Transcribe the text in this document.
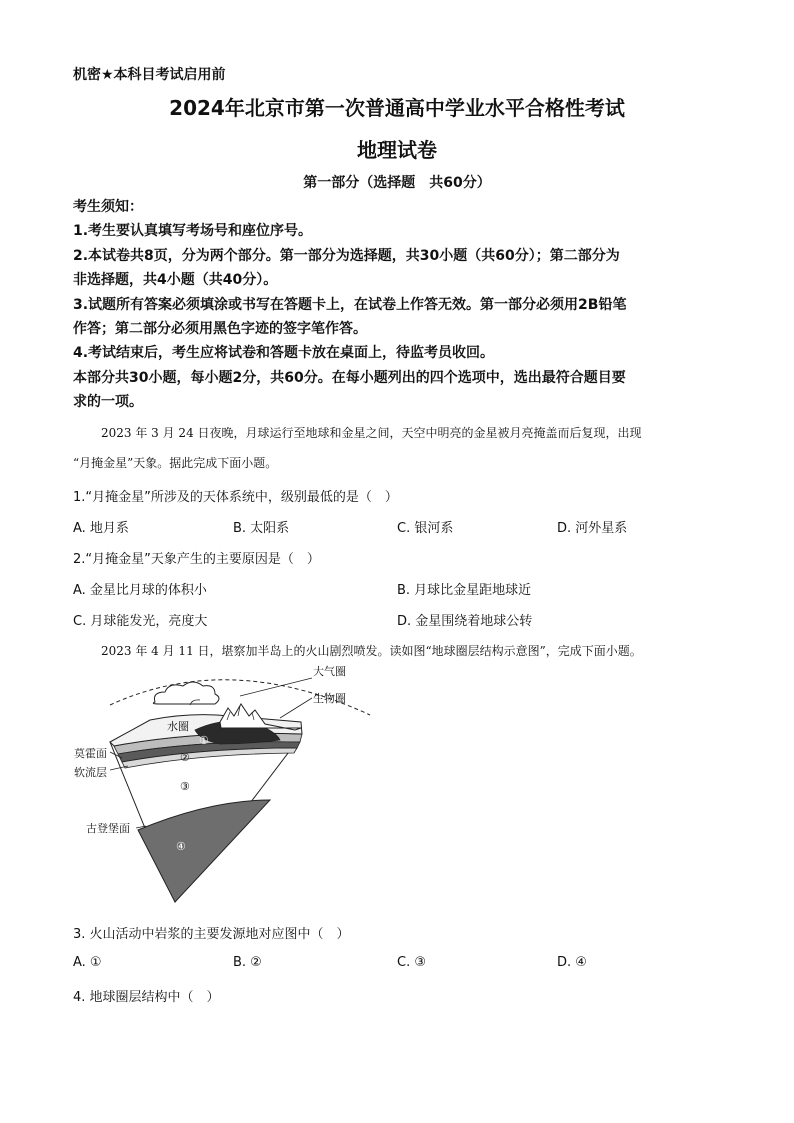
机密★本科目考试启用前
2024年北京市第一次普通高中学业水平合格性考试
地理试卷
第一部分（选择题　共60分）
考生须知：
1.考生要认真填写考场号和座位序号。
2.本试卷共8页，分为两个部分。第一部分为选择题，共30小题（共60分）；第二部分为
非选择题，共4小题（共40分）。
3.试题所有答案必须填涂或书写在答题卡上，在试卷上作答无效。第一部分必须用2B铅笔
作答；第二部分必须用黑色字迹的签字笔作答。
4.考试结束后，考生应将试卷和答题卡放在桌面上，待监考员收回。
本部分共30小题，每小题2分，共60分。在每小题列出的四个选项中，选出最符合题目要
求的一项。
2023 年 3 月 24 日夜晚，月球运行至地球和金星之间，天空中明亮的金星被月亮掩盖而后复现，出现
“月掩金星”天象。据此完成下面小题。
1.“月掩金星”所涉及的天体系统中，级别最低的是（　）
A. 地月系	B. 太阳系	C. 银河系	D. 河外星系
2.“月掩金星”天象产生的主要原因是（　）
A. 金星比月球的体积小	B. 月球比金星距地球近
C. 月球能发光，亮度大	D. 金星围绕着地球公转
2023 年 4 月 11 日，堪察加半岛上的火山剧烈喷发。读如图“地球圈层结构示意图”，完成下面小题。
大气圈
生物圈
水圈
莫霍面
软流层
古登堡面
①
②
③
④
3. 火山活动中岩浆的主要发源地对应图中（　）
A. ①	B. ②	C. ③	D. ④
4. 地球圈层结构中（　）
